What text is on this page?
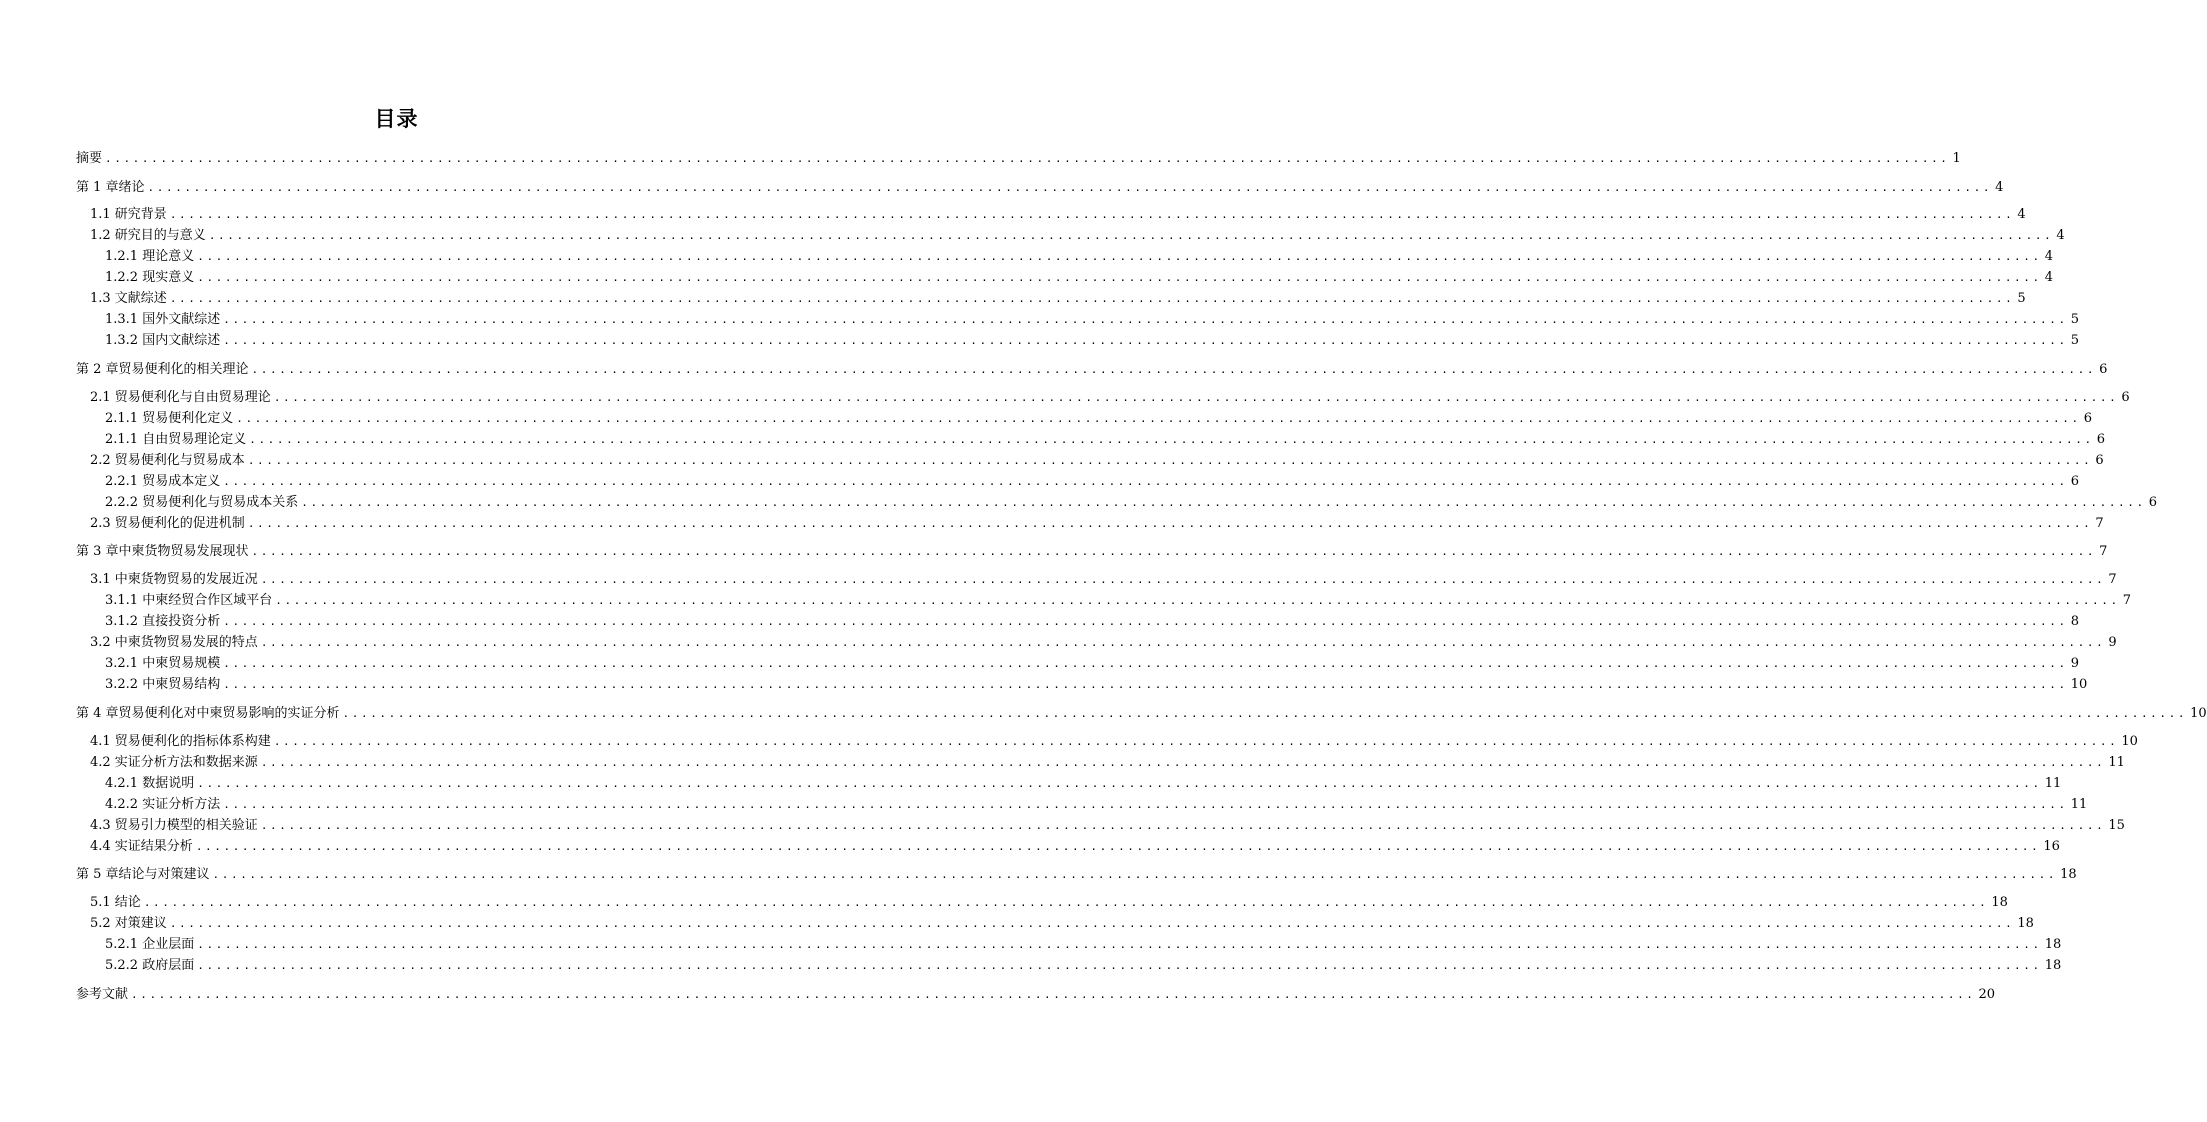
目录
摘要 ........................................................................................................................................................................................................ 1
第 1 章绪论 ........................................................................................................................................................................................................ 4
1.1 研究背景 ........................................................................................................................................................................................................ 4
1.2 研究目的与意义 ........................................................................................................................................................................................................ 4
1.2.1 理论意义 ........................................................................................................................................................................................................ 4
1.2.2 现实意义 ........................................................................................................................................................................................................ 4
1.3 文献综述 ........................................................................................................................................................................................................ 5
1.3.1 国外文献综述 ........................................................................................................................................................................................................ 5
1.3.2 国内文献综述 ........................................................................................................................................................................................................ 5
第 2 章贸易便利化的相关理论 ........................................................................................................................................................................................................ 6
2.1 贸易便利化与自由贸易理论 ........................................................................................................................................................................................................ 6
2.1.1 贸易便利化定义 ........................................................................................................................................................................................................ 6
2.1.1 自由贸易理论定义 ........................................................................................................................................................................................................ 6
2.2 贸易便利化与贸易成本 ........................................................................................................................................................................................................ 6
2.2.1 贸易成本定义 ........................................................................................................................................................................................................ 6
2.2.2 贸易便利化与贸易成本关系 ........................................................................................................................................................................................................ 6
2.3 贸易便利化的促进机制 ........................................................................................................................................................................................................ 7
第 3 章中柬货物贸易发展现状 ........................................................................................................................................................................................................ 7
3.1 中柬货物贸易的发展近况 ........................................................................................................................................................................................................ 7
3.1.1 中柬经贸合作区域平台 ........................................................................................................................................................................................................ 7
3.1.2 直接投资分析 ........................................................................................................................................................................................................ 8
3.2 中柬货物贸易发展的特点 ........................................................................................................................................................................................................ 9
3.2.1 中柬贸易规模 ........................................................................................................................................................................................................ 9
3.2.2 中柬贸易结构 ........................................................................................................................................................................................................ 10
第 4 章贸易便利化对中柬贸易影响的实证分析 ........................................................................................................................................................................................................ 10
4.1 贸易便利化的指标体系构建 ........................................................................................................................................................................................................ 10
4.2 实证分析方法和数据来源 ........................................................................................................................................................................................................ 11
4.2.1 数据说明 ........................................................................................................................................................................................................ 11
4.2.2 实证分析方法 ........................................................................................................................................................................................................ 11
4.3 贸易引力模型的相关验证 ........................................................................................................................................................................................................ 15
4.4 实证结果分析 ........................................................................................................................................................................................................ 16
第 5 章结论与对策建议 ........................................................................................................................................................................................................ 18
5.1 结论 ........................................................................................................................................................................................................ 18
5.2 对策建议 ........................................................................................................................................................................................................ 18
5.2.1 企业层面 ........................................................................................................................................................................................................ 18
5.2.2 政府层面 ........................................................................................................................................................................................................ 18
参考文献 ........................................................................................................................................................................................................ 20
